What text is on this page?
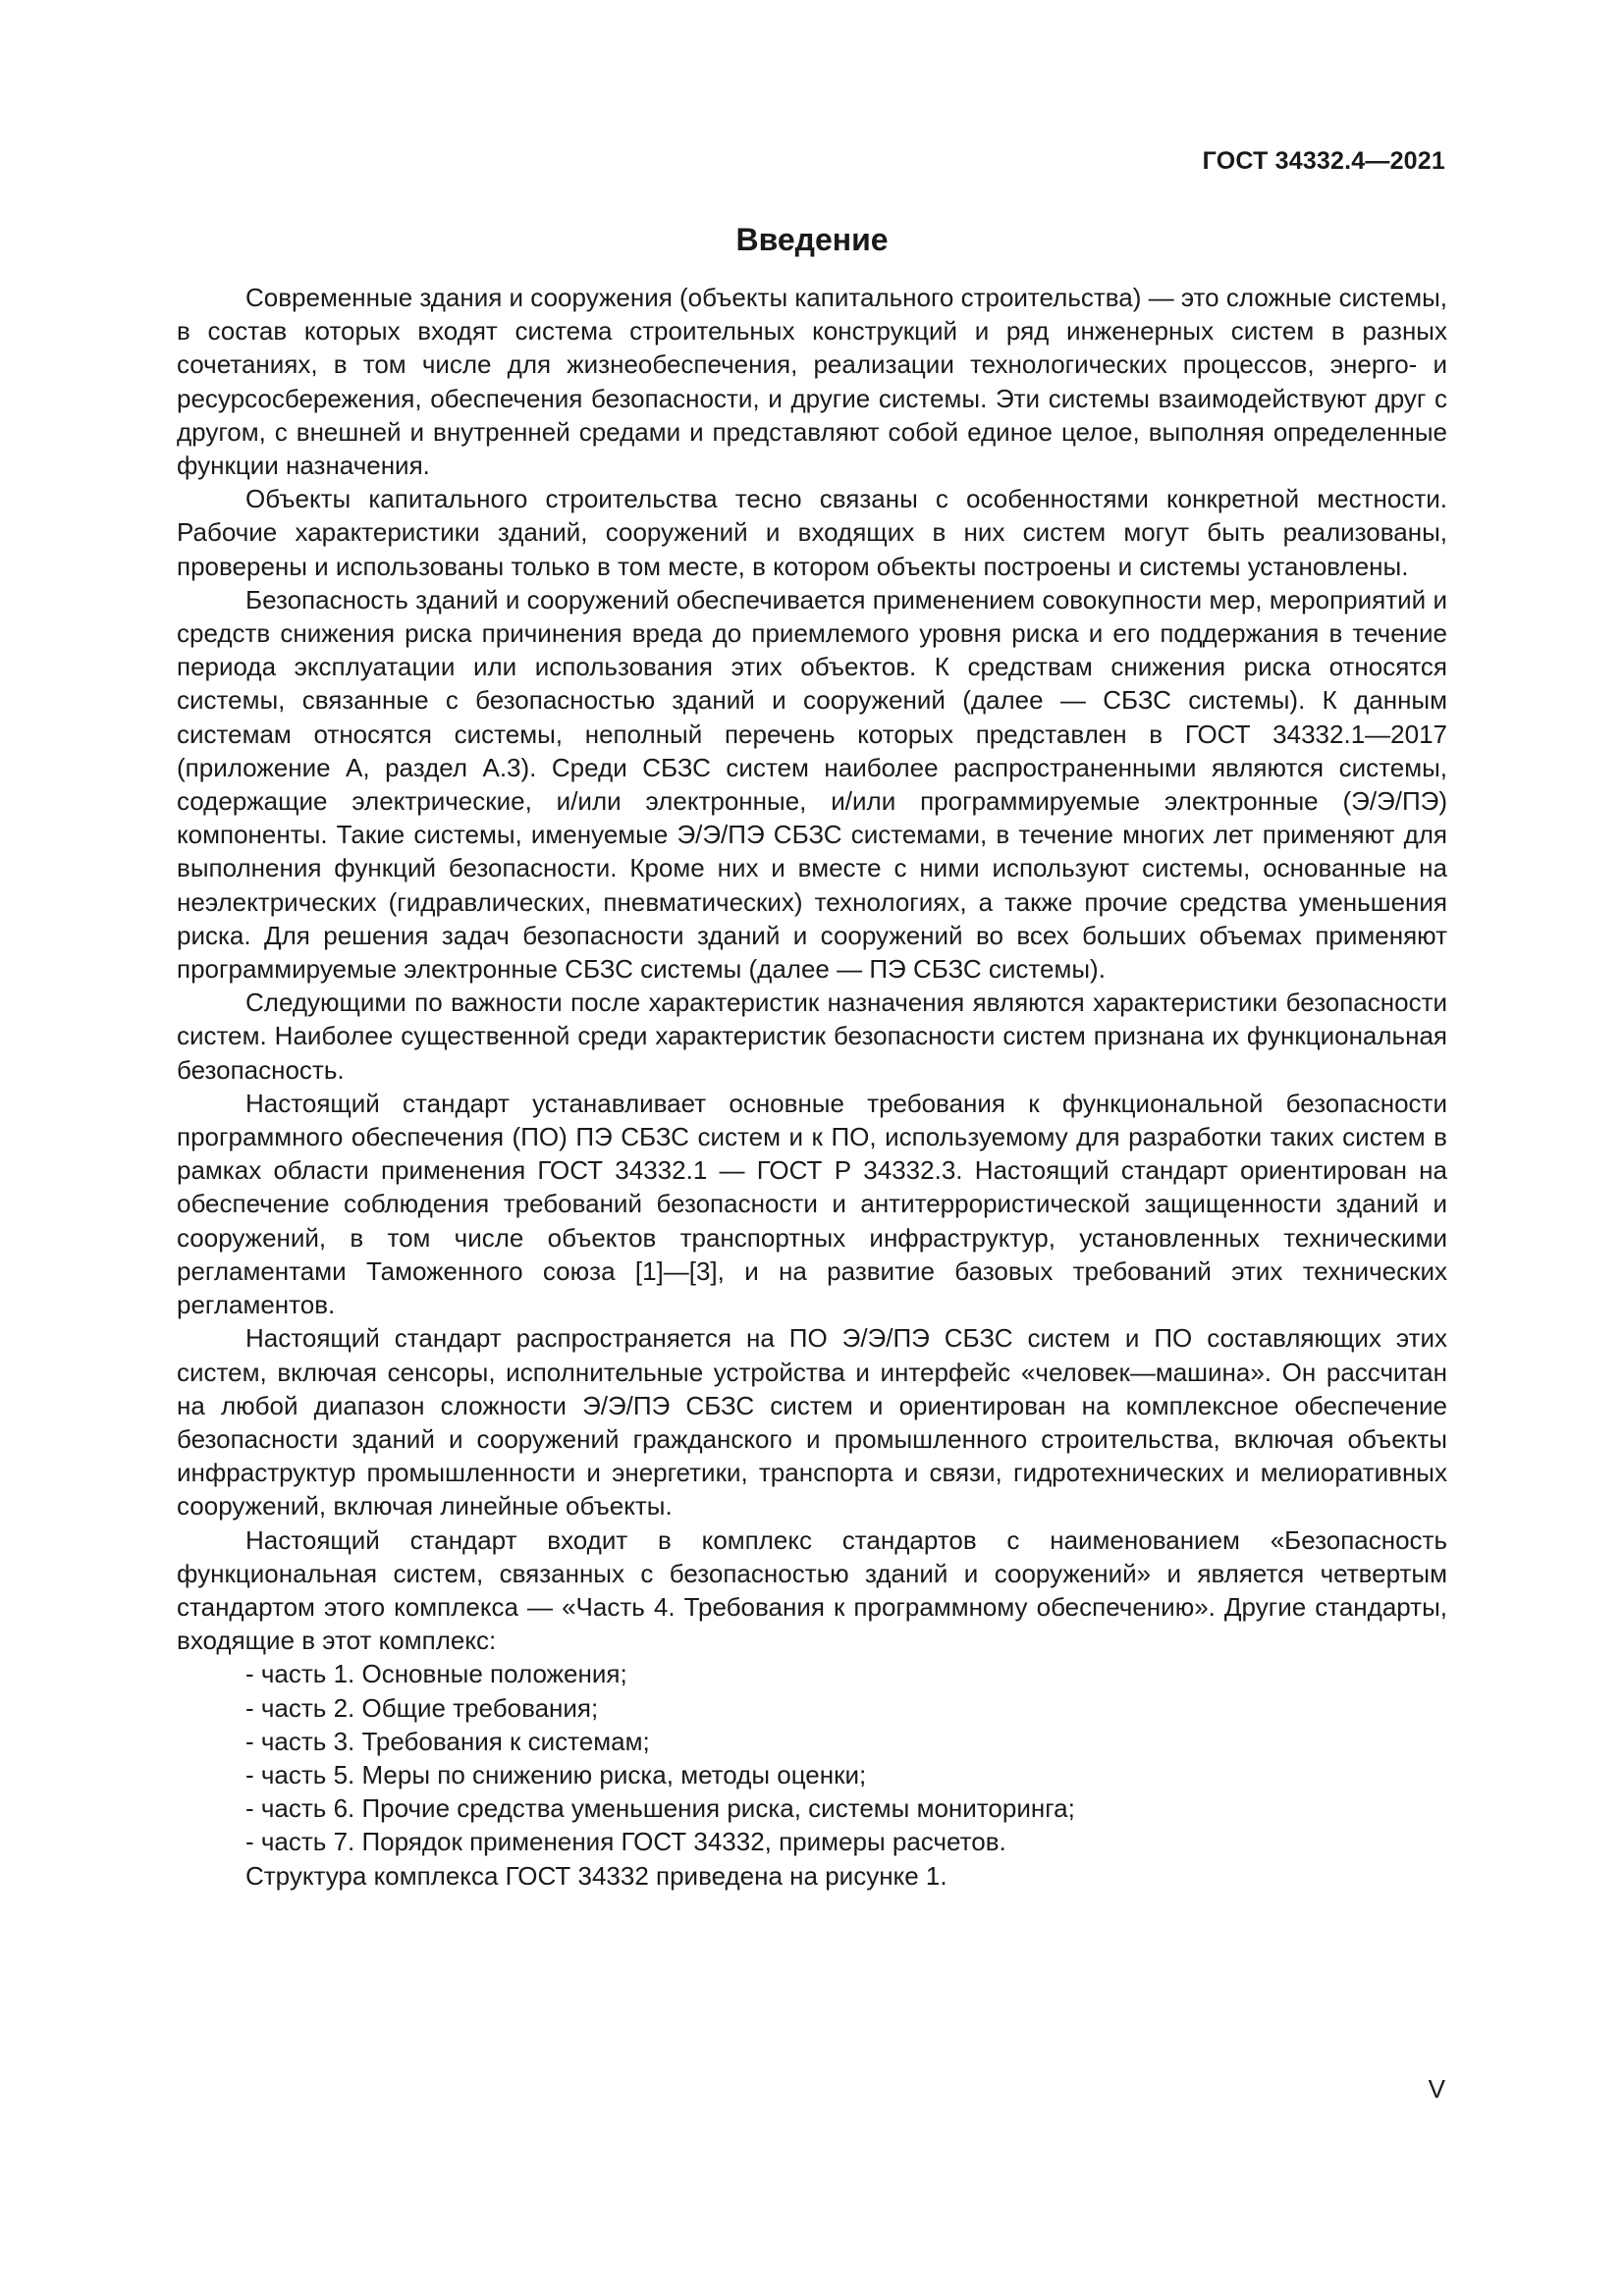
ГОСТ 34332.4—2021
Введение

Современные здания и сооружения (объекты капитального строительства) — это сложные системы, в состав которых входят система строительных конструкций и ряд инженерных систем в разных сочетаниях, в том числе для жизнеобеспечения, реализации технологических процессов, энерго- и ресурсосбережения, обеспечения безопасности, и другие системы. Эти системы взаимодействуют друг с другом, с внешней и внутренней средами и представляют собой единое целое, выполняя определенные функции назначения.

Объекты капитального строительства тесно связаны с особенностями конкретной местности. Рабочие характеристики зданий, сооружений и входящих в них систем могут быть реализованы, проверены и использованы только в том месте, в котором объекты построены и системы установлены.

Безопасность зданий и сооружений обеспечивается применением совокупности мер, мероприятий и средств снижения риска причинения вреда до приемлемого уровня риска и его поддержания в течение периода эксплуатации или использования этих объектов. К средствам снижения риска относятся системы, связанные с безопасностью зданий и сооружений (далее — СБЗС системы). К данным системам относятся системы, неполный перечень которых представлен в ГОСТ 34332.1—2017 (приложение А, раздел А.3). Среди СБЗС систем наиболее распространенными являются системы, содержащие электрические, и/или электронные, и/или программируемые электронные (Э/Э/ПЭ) компоненты. Такие системы, именуемые Э/Э/ПЭ СБЗС системами, в течение многих лет применяют для выполнения функций безопасности. Кроме них и вместе с ними используют системы, основанные на неэлектрических (гидравлических, пневматических) технологиях, а также прочие средства уменьшения риска. Для решения задач безопасности зданий и сооружений во всех больших объемах применяют программируемые электронные СБЗС системы (далее — ПЭ СБЗС системы).

Следующими по важности после характеристик назначения являются характеристики безопасности систем. Наиболее существенной среди характеристик безопасности систем признана их функциональная безопасность.

Настоящий стандарт устанавливает основные требования к функциональной безопасности программного обеспечения (ПО) ПЭ СБЗС систем и к ПО, используемому для разработки таких систем в рамках области применения ГОСТ 34332.1 — ГОСТ Р 34332.3. Настоящий стандарт ориентирован на обеспечение соблюдения требований безопасности и антитеррористической защищенности зданий и сооружений, в том числе объектов транспортных инфраструктур, установленных техническими регламентами Таможенного союза [1]—[3], и на развитие базовых требований этих технических регламентов.

Настоящий стандарт распространяется на ПО Э/Э/ПЭ СБЗС систем и ПО составляющих этих систем, включая сенсоры, исполнительные устройства и интерфейс «человек—машина». Он рассчитан на любой диапазон сложности Э/Э/ПЭ СБЗС систем и ориентирован на комплексное обеспечение безопасности зданий и сооружений гражданского и промышленного строительства, включая объекты инфраструктур промышленности и энергетики, транспорта и связи, гидротехнических и мелиоративных сооружений, включая линейные объекты.

Настоящий стандарт входит в комплекс стандартов с наименованием «Безопасность функциональная систем, связанных с безопасностью зданий и сооружений» и является четвертым стандартом этого комплекса — «Часть 4. Требования к программному обеспечению». Другие стандарты, входящие в этот комплекс:

- часть 1. Основные положения;
- часть 2. Общие требования;
- часть 3. Требования к системам;
- часть 5. Меры по снижению риска, методы оценки;
- часть 6. Прочие средства уменьшения риска, системы мониторинга;
- часть 7. Порядок применения ГОСТ 34332, примеры расчетов.

Структура комплекса ГОСТ 34332 приведена на рисунке 1.

V
